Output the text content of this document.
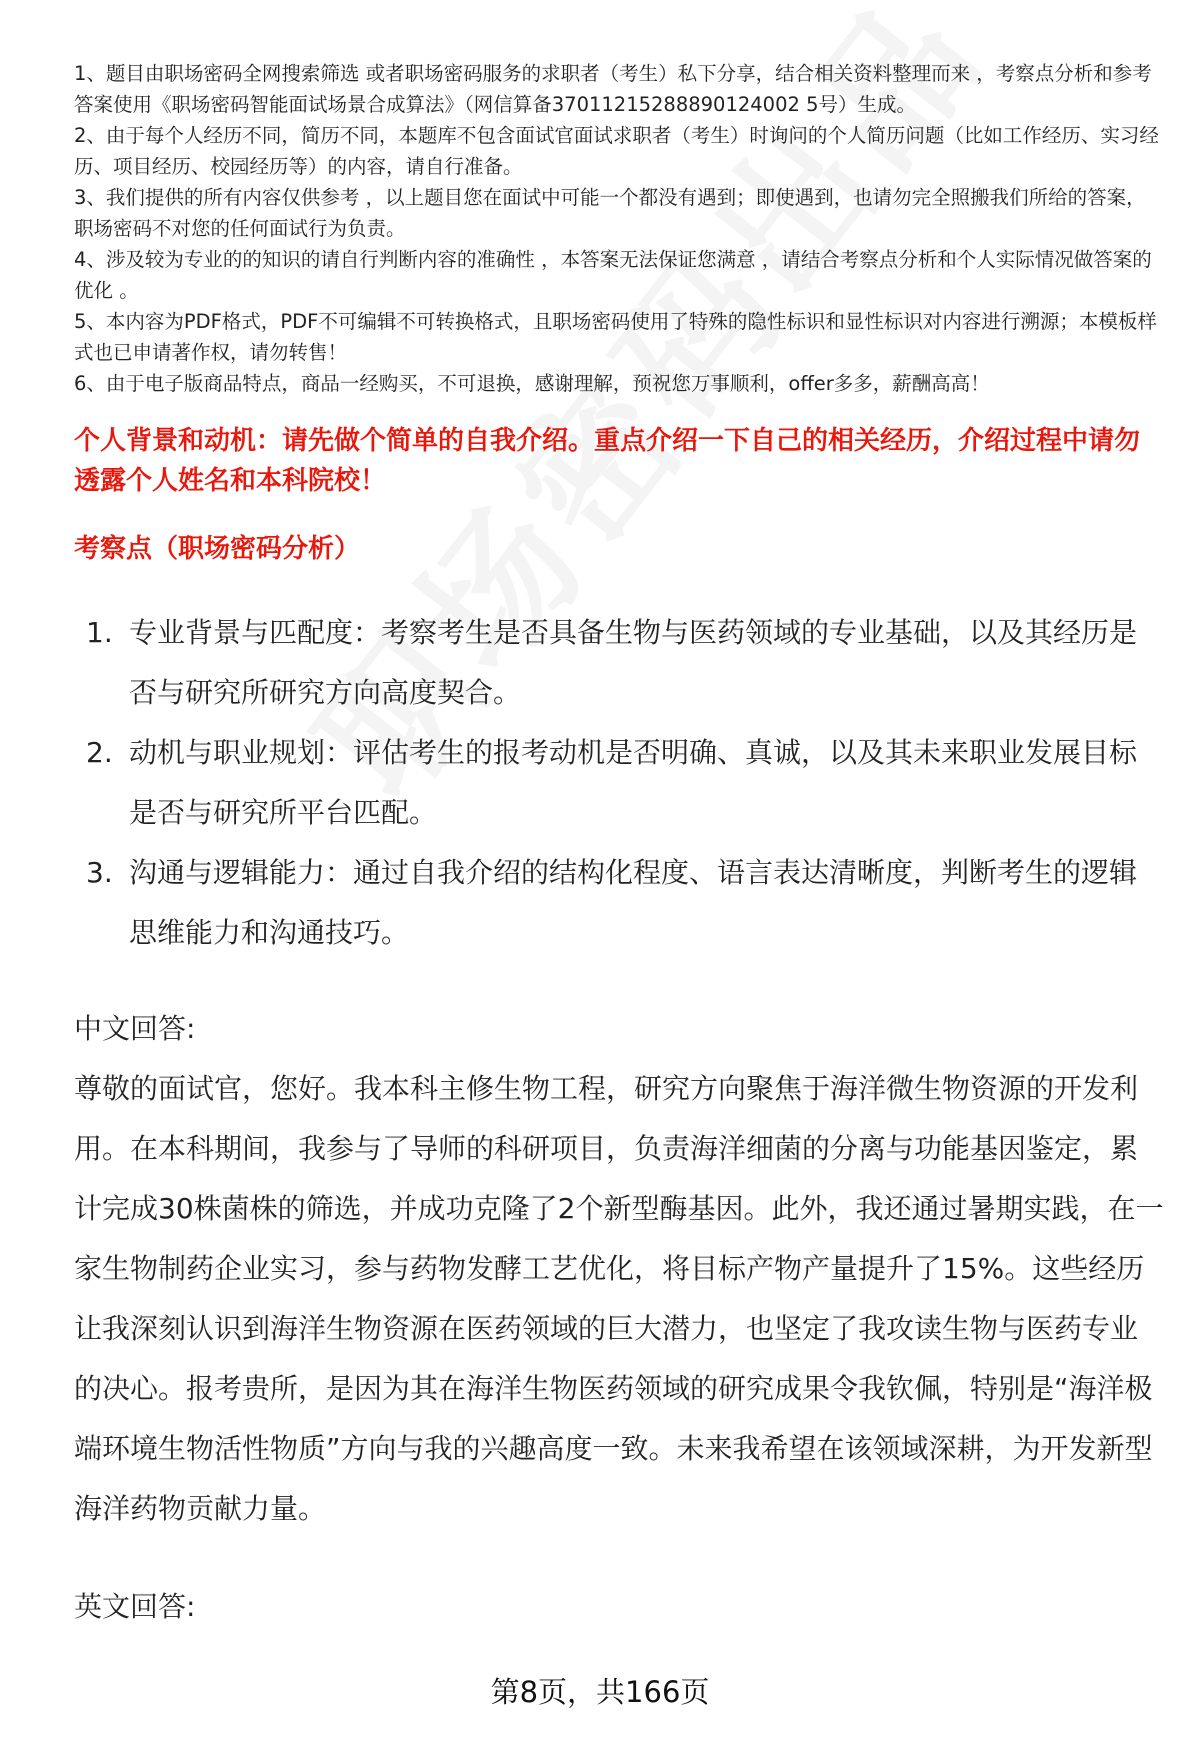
1、题目由职场密码全网搜索筛选 或者职场密码服务的求职者（考生）私下分享，结合相关资料整理而来 ，考察点分析和参考答案使用《职场密码智能面试场景合成算法》（网信算备37011215288890124002 5号）生成。

2、由于每个人经历不同，简历不同，本题库不包含面试官面试求职者（考生）时询问的个人简历问题（比如工作经历、实习经历、项目经历、校园经历等）的内容，请自行准备。

3、我们提供的所有内容仅供参考 ，以上题目您在面试中可能一个都没有遇到；即使遇到，也请勿完全照搬我们所给的答案，职场密码不对您的任何面试行为负责。

4、涉及较为专业的的知识的请自行判断内容的准确性 ，本答案无法保证您满意 ，请结合考察点分析和个人实际情况做答案的优化 。

5、本内容为PDF格式，PDF不可编辑不可转换格式，且职场密码使用了特殊的隐性标识和显性标识对内容进行溯源；本模板样式也已申请著作权，请勿转售！

6、由于电子版商品特点，商品一经购买，不可退换，感谢理解，预祝您万事顺利，offer多多，薪酬高高！

个人背景和动机：请先做个简单的自我介绍。重点介绍一下自己的相关经历，介绍过程中请勿透露个人姓名和本科院校！

考察点（职场密码分析）

1. 专业背景与匹配度：考察考生是否具备生物与医药领域的专业基础，以及其经历是否与研究所研究方向高度契合。
2. 动机与职业规划：评估考生的报考动机是否明确、真诚，以及其未来职业发展目标是否与研究所平台匹配。
3. 沟通与逻辑能力：通过自我介绍的结构化程度、语言表达清晰度，判断考生的逻辑思维能力和沟通技巧。

中文回答:

尊敬的面试官，您好。我本科主修生物工程，研究方向聚焦于海洋微生物资源的开发利用。在本科期间，我参与了导师的科研项目，负责海洋细菌的分离与功能基因鉴定，累计完成30株菌株的筛选，并成功克隆了2个新型酶基因。此外，我还通过暑期实践，在一家生物制药企业实习，参与药物发酵工艺优化，将目标产物产量提升了15%。这些经历让我深刻认识到海洋生物资源在医药领域的巨大潜力，也坚定了我攻读生物与医药专业的决心。报考贵所，是因为其在海洋生物医药领域的研究成果令我钦佩，特别是“海洋极端环境生物活性物质”方向与我的兴趣高度一致。未来我希望在该领域深耕，为开发新型海洋药物贡献力量。

英文回答:

第8页，共166页
